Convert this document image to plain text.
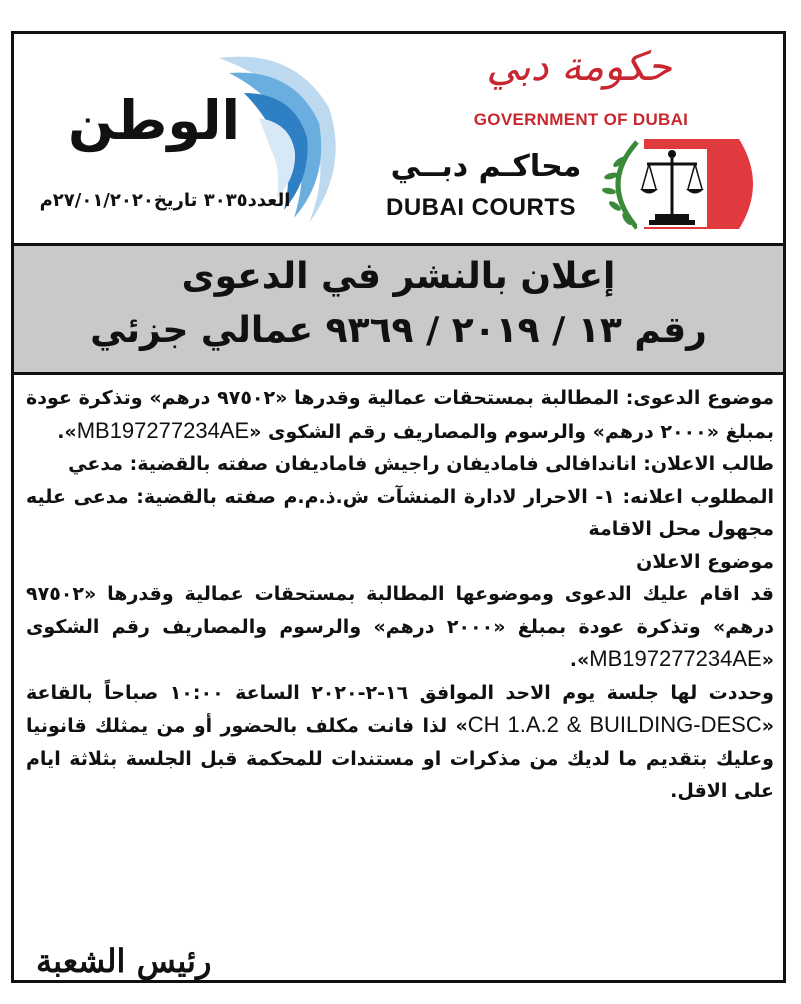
الوطن
العدد٣٠٣٥ تاريخ٢٧/٠١/٢٠٢٠م
حكومة دبي
GOVERNMENT OF DUBAI
محاكـم دبــي
DUBAI COURTS
إعلان بالنشر في الدعوى
رقم ١٣ / ٢٠١٩ / ٩٣٦٩ عمالي جزئي

موضوع الدعوى: المطالبة بمستحقات عمالية وقدرها «٩٧٥٠٢ درهم» وتذكرة عودة بمبلغ «٢٠٠٠ درهم» والرسوم والمصاريف رقم الشكوى «MB197277234AE».

طالب الاعلان: اناندافالى فاماديفان راجيش فاماديفان صفته بالقضية: مدعي

المطلوب اعلانه: ١- الاحرار لادارة المنشآت ش.ذ.م.م صفته بالقضية: مدعى عليه مجهول محل الاقامة

موضوع الاعلان

قد اقام عليك الدعوى وموضوعها المطالبة بمستحقات عمالية وقدرها «٩٧٥٠٢ درهم» وتذكرة عودة بمبلغ «٢٠٠٠ درهم» والرسوم والمصاريف رقم الشكوى «MB197277234AE».

وحددت لها جلسة يوم الاحد الموافق ١٦-٢-٢٠٢٠ الساعة ١٠:٠٠ صباحاً بالقاعة «CH 1.A.2 & BUILDING-DESC» لذا فانت مكلف بالحضور أو من يمثلك قانونيا وعليك بتقديم ما لديك من مذكرات او مستندات للمحكمة قبل الجلسة بثلاثة ايام على الاقل.

رئيس الشعبة
